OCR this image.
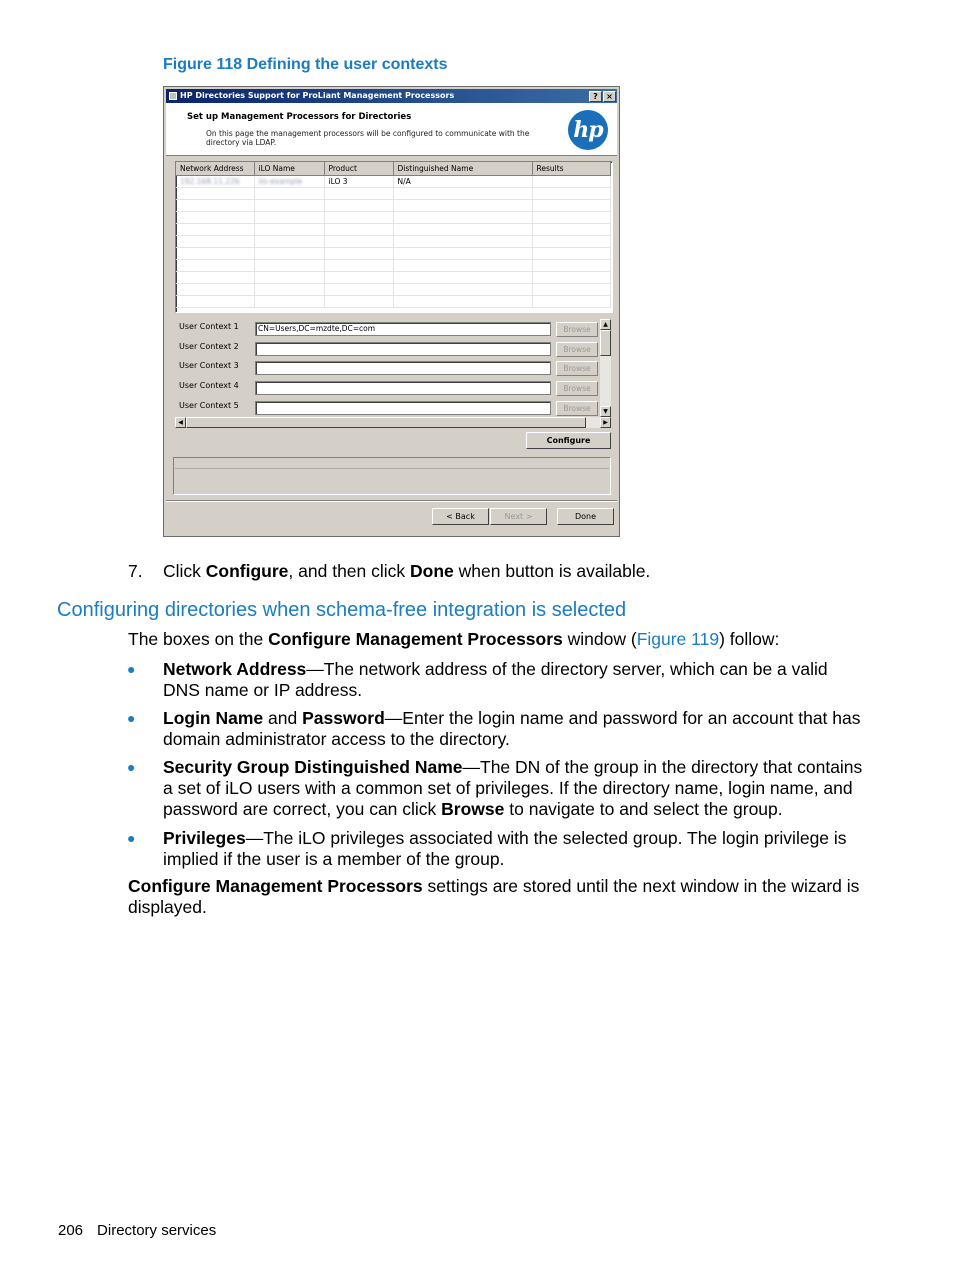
Figure 118 Defining the user contexts
HP Directories Support for ProLiant Management Processors	?	×
Set up Management Processors for Directories
On this page the management processors will be configured to communicate with the directory via LDAP.	hp
Network Address	iLO Name	Product	Distinguished Name	Results
192.168.11.226	ilo-example	iLO 3	N/A	

User Context 1	CN=Users,DC=mzdte,DC=com	Browse
User Context 2	Browse
User Context 3	Browse
User Context 4	Browse
User Context 5	Browse
▲
▼
◀	▶
Configure
< Back	Next >	Done
7. Click Configure, and then click Done when button is available.
Configuring directories when schema-free integration is selected
The boxes on the Configure Management Processors window (Figure 119) follow:
● Network Address—The network address of the directory server, which can be a valid DNS name or IP address.
● Login Name and Password—Enter the login name and password for an account that has domain administrator access to the directory.
● Security Group Distinguished Name—The DN of the group in the directory that contains a set of iLO users with a common set of privileges. If the directory name, login name, and password are correct, you can click Browse to navigate to and select the group.
● Privileges—The iLO privileges associated with the selected group. The login privilege is implied if the user is a member of the group.
Configure Management Processors settings are stored until the next window in the wizard is displayed.
206 Directory services
